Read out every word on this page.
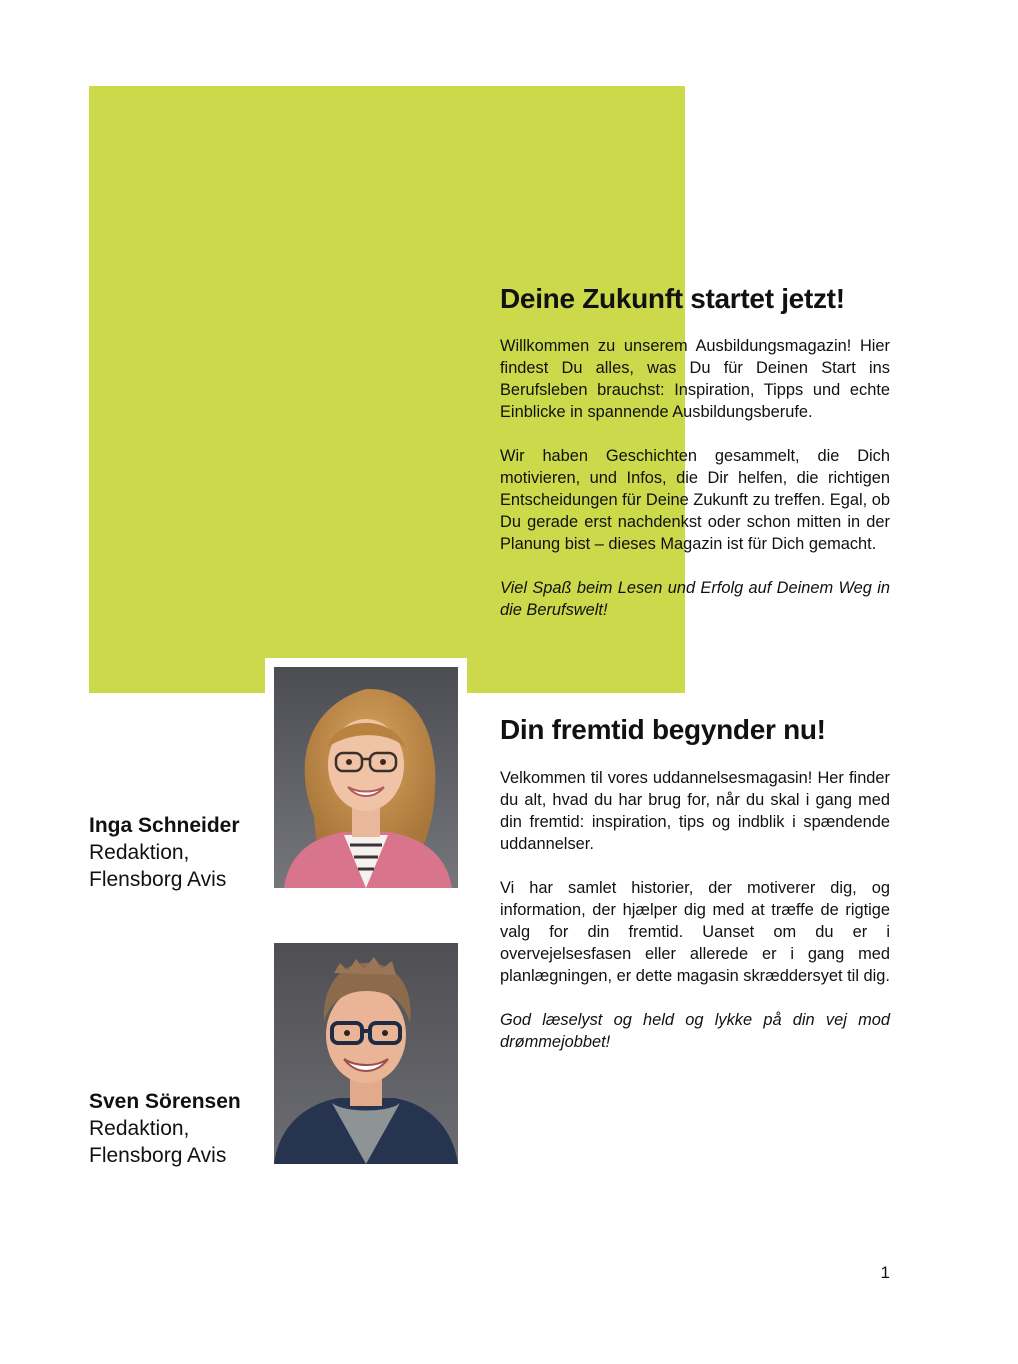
Inga Schneider
Redaktion,
Flensborg Avis
Sven Sörensen
Redaktion,
Flensborg Avis
Deine Zukunft startet jetzt!

Willkommen zu unserem Ausbildungsmagazin! Hier findest Du alles, was Du für Deinen Start ins Berufsleben brauchst: Inspiration, Tipps und echte Einblicke in spannende Ausbildungsberufe.

Wir haben Geschichten gesammelt, die Dich motivieren, und Infos, die Dir helfen, die richtigen Entscheidungen für Deine Zukunft zu treffen. Egal, ob Du gerade erst nachdenkst oder schon mitten in der Planung bist – dieses Magazin ist für Dich gemacht.

Viel Spaß beim Lesen und Erfolg auf Deinem Weg in die Berufswelt!

Din fremtid begynder nu!

Velkommen til vores uddannelsesmagasin! Her finder du alt, hvad du har brug for, når du skal i gang med din fremtid: inspiration, tips og indblik i spændende uddannelser.

Vi har samlet historier, der motiverer dig, og information, der hjælper dig med at træffe de rigtige valg for din fremtid. Uanset om du er i overvejelsesfasen eller allerede er i gang med planlægningen, er dette magasin skræddersyet til dig.

God læselyst og held og lykke på din vej mod drømmejobbet!

1
